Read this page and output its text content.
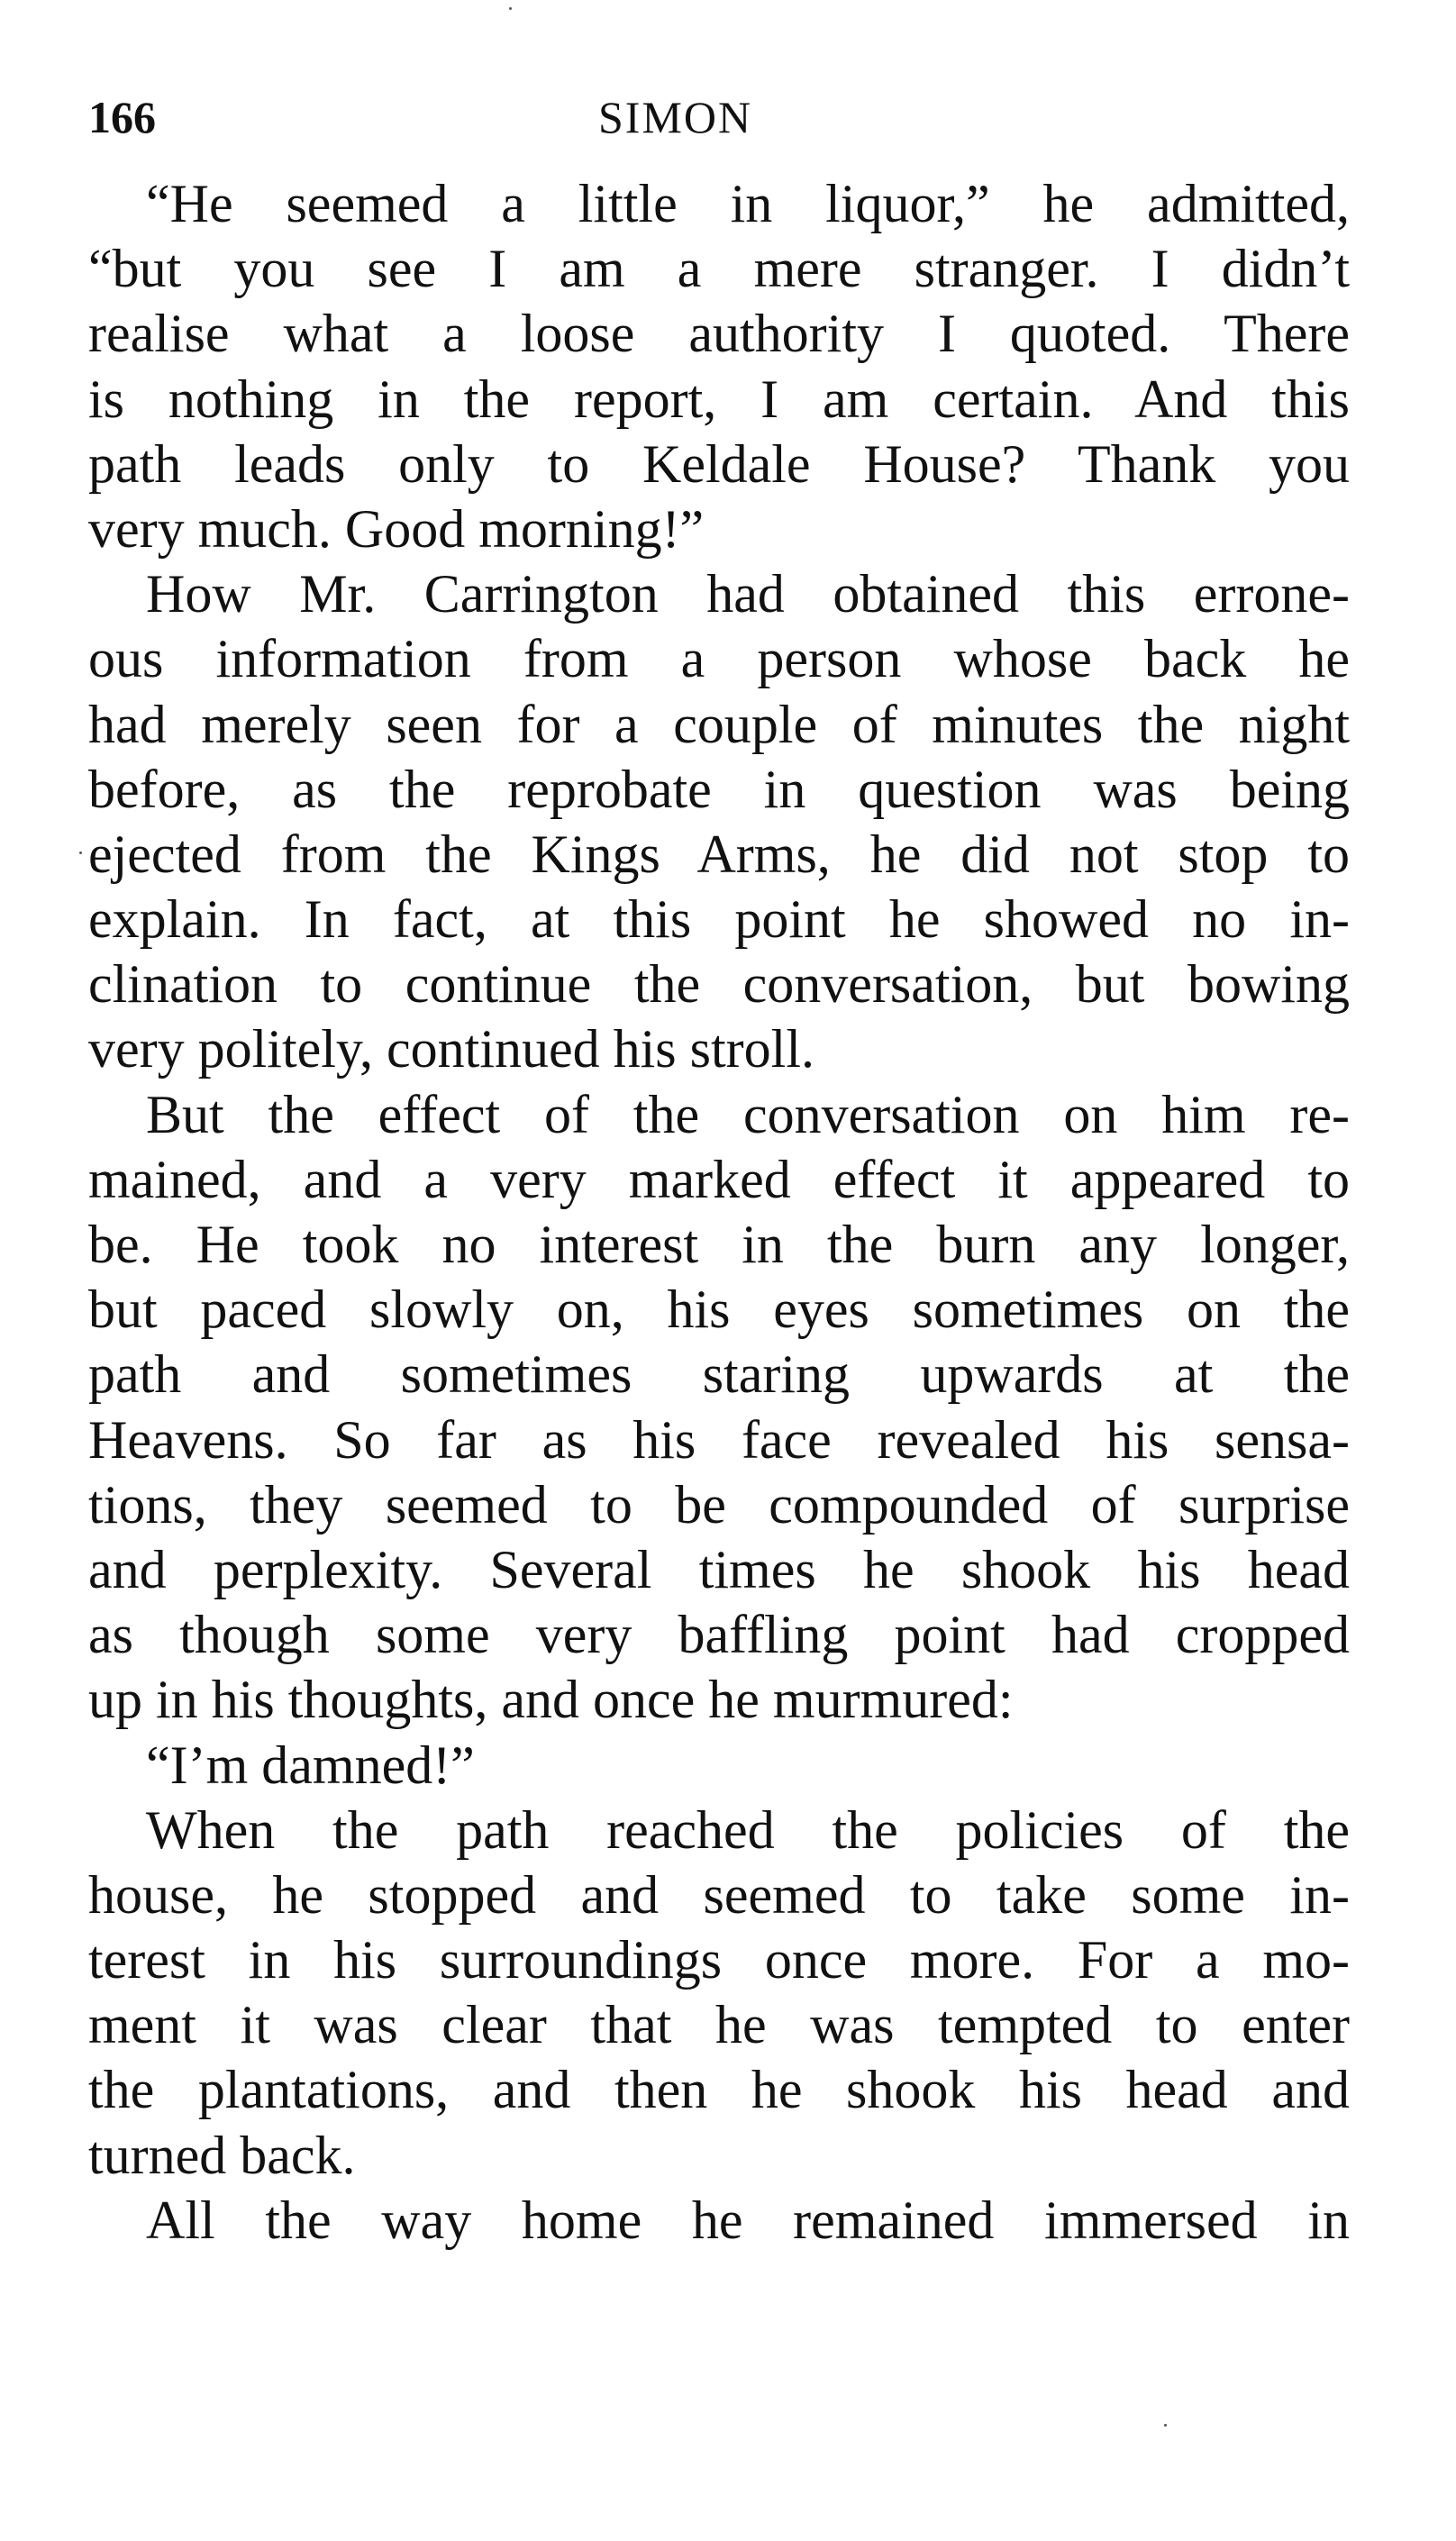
166	SIMON
“He seemed a little in liquor,” he admitted,
“but you see I am a mere stranger. I didn’t
realise what a loose authority I quoted. There
is nothing in the report, I am certain. And this
path leads only to Keldale House? Thank you
very much. Good morning!”
How Mr. Carrington had obtained this errone-
ous information from a person whose back he
had merely seen for a couple of minutes the night
before, as the reprobate in question was being
ejected from the Kings Arms, he did not stop to
explain. In fact, at this point he showed no in-
clination to continue the conversation, but bowing
very politely, continued his stroll.
But the effect of the conversation on him re-
mained, and a very marked effect it appeared to
be. He took no interest in the burn any longer,
but paced slowly on, his eyes sometimes on the
path and sometimes staring upwards at the
Heavens. So far as his face revealed his sensa-
tions, they seemed to be compounded of surprise
and perplexity. Several times he shook his head
as though some very baffling point had cropped
up in his thoughts, and once he murmured:
“I’m damned!”
When the path reached the policies of the
house, he stopped and seemed to take some in-
terest in his surroundings once more. For a mo-
ment it was clear that he was tempted to enter
the plantations, and then he shook his head and
turned back.
All the way home he remained immersed in
